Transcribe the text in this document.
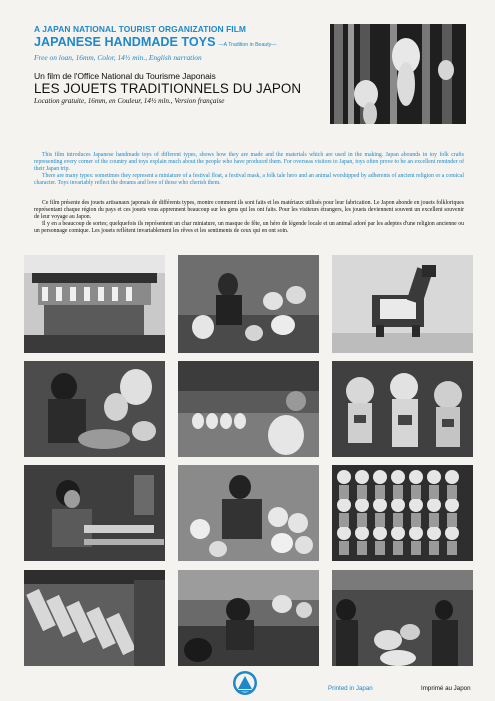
A JAPAN NATIONAL TOURIST ORGANIZATION FILM
JAPANESE HANDMADE TOYS —A Tradition in Beauty—
Free on loan, 16mm, Color, 14½ min., English narration
Un film de l'Office National du Tourisme Japonais
LES JOUETS TRADITIONNELS DU JAPON
Location gratuite, 16mm, en Couleur, 14½ mln., Version française
This film introduces Japanese handmade toys of different types, shows how they are made and the materials which are used in the making. Japan abounds in toy folk crafts representing every corner of the country and toys explain much about the people who have produced them. For overseas visitors to Japan, toys often prove to be an excellent reminder of their Japan trip.
There are many types: sometimes they represent a miniature of a festival float, a festival mask, a folk tale hero and an animal worshipped by adherents of ancient religion or a comical character. Toys invariably reflect the dreams and love of those who cherish them.
Ce film présente des jouets artisanaux japonais de différents types, montre comment ils sont faits et les matériaux utilisés pour leur fabrication. Le Japon abonde en jouets folkloriques représentant chaque région du pays et ces jouets vous apprennent beaucoup sur les gens qui les ont faits. Pour les visiteurs étrangers, les jouets deviennent souvent un excellent souvenir de leur voyage au Japon.
Il y en a beaucoup de sortes; quelquefois ils représentent un char miniature, un masque de fête, un héro de légende locale et un animal adoré par les adeptes d'une religion ancienne ou un personnage comique. Les jouets reflètent invariablement les rêves et les sentiments de ceux qui en ont soin.
Printed in Japan	Imprimé au Japon
